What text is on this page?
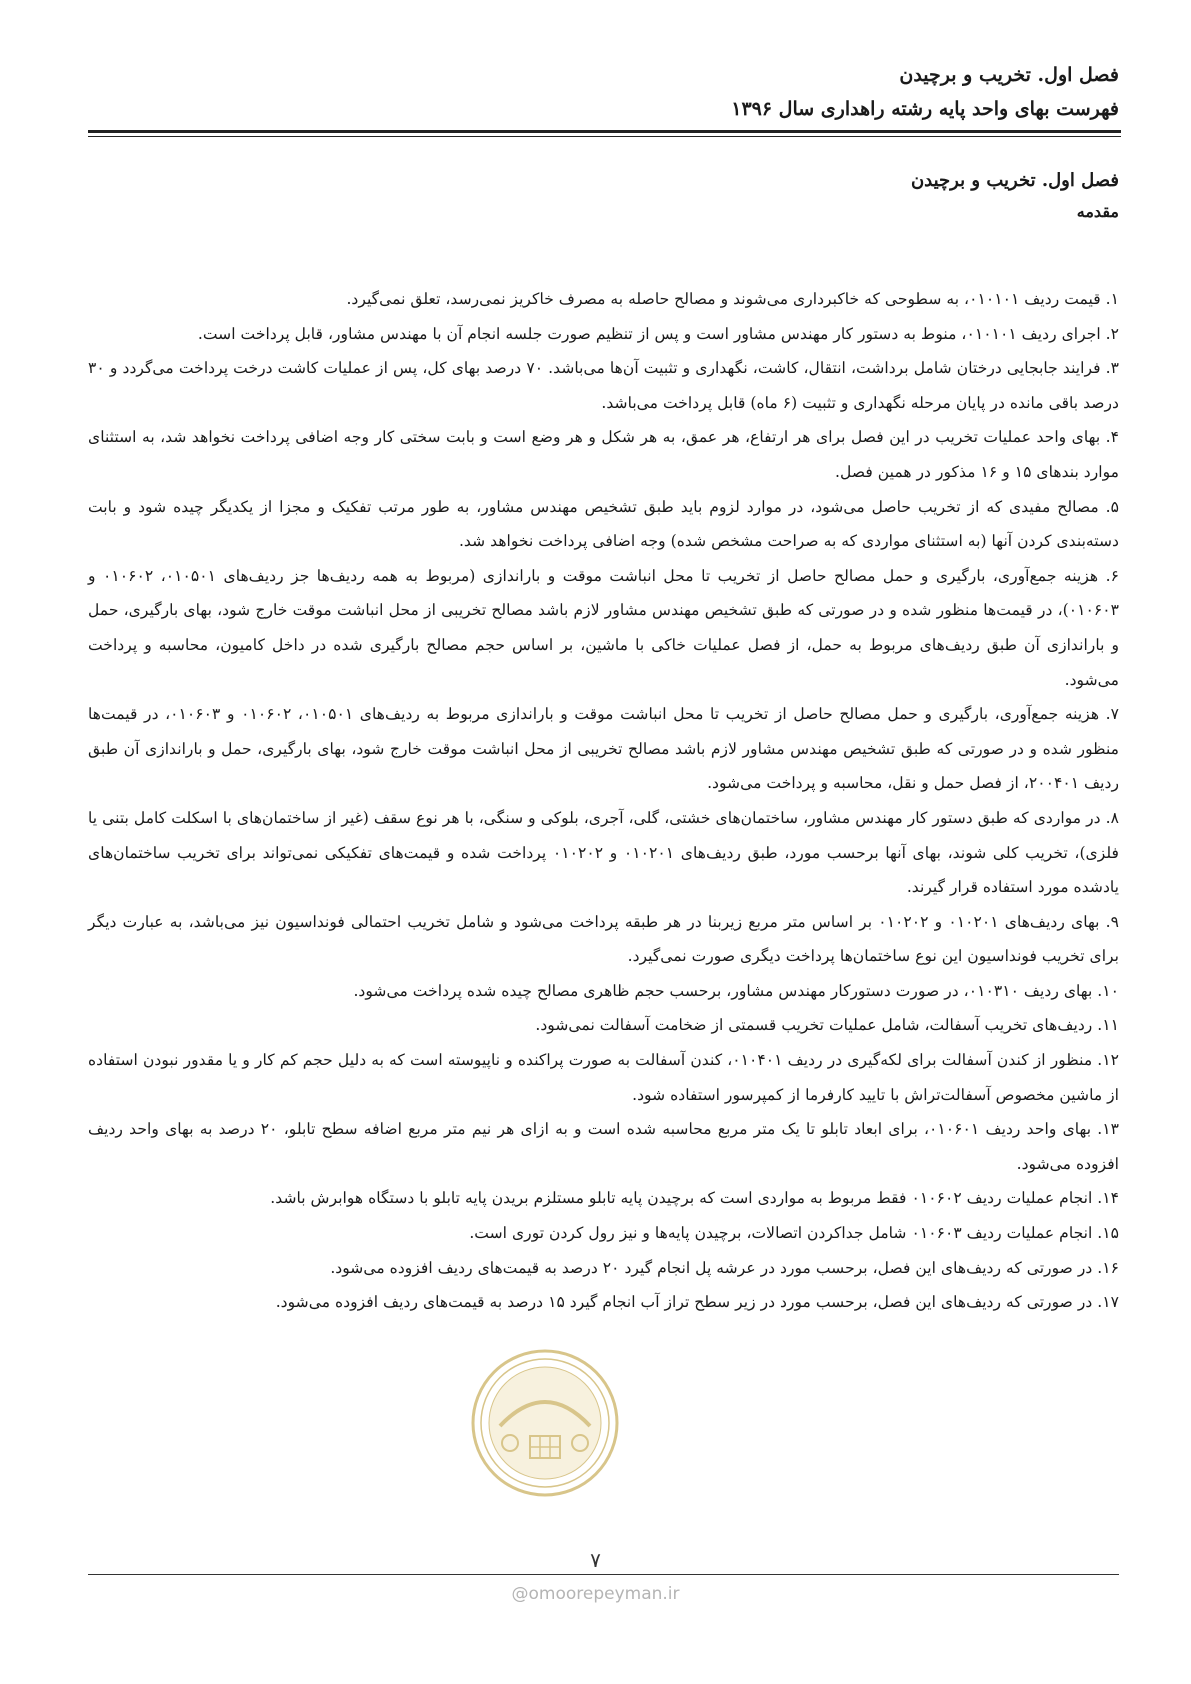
فصل اول. تخریب و برچیدن
فهرست بهای واحد پایه رشته راهداری سال ۱۳۹۶
فصل اول. تخریب و برچیدن
مقدمه

۱. قیمت ردیف ۰۱۰۱۰۱، به سطوحی که خاکبرداری می‌شوند و مصالح حاصله به مصرف خاکریز نمی‌رسد، تعلق نمی‌گیرد.

۲. اجرای ردیف ۰۱۰۱۰۱، منوط به دستور کار مهندس مشاور است و پس از تنظیم صورت جلسه انجام آن با مهندس مشاور، قابل پرداخت است.

۳. فرایند جابجایی درختان شامل برداشت، انتقال، کاشت، نگهداری و تثبیت آن‌ها می‌باشد. ۷۰ درصد بهای کل، پس از عملیات کاشت درخت پرداخت می‌گردد و ۳۰ درصد باقی مانده در پایان مرحله نگهداری و تثبیت (۶ ماه) قابل پرداخت می‌باشد.

۴. بهای واحد عملیات تخریب در این فصل برای هر ارتفاع، هر عمق، به هر شکل و هر وضع است و بابت سختی کار وجه اضافی پرداخت نخواهد شد، به استثنای موارد بندهای ۱۵ و ۱۶ مذکور در همین فصل.

۵. مصالح مفیدی که از تخریب حاصل می‌شود، در موارد لزوم باید طبق تشخیص مهندس مشاور، به طور مرتب تفکیک و مجزا از یکدیگر چیده شود و بابت دسته‌بندی کردن آنها (به استثنای مواردی که به صراحت مشخص شده) وجه اضافی پرداخت نخواهد شد.

۶. هزینه جمع‌آوری، بارگیری و حمل مصالح حاصل از تخریب تا محل انباشت موقت و باراندازی (مربوط به همه ردیف‌ها جز ردیف‌های ۰۱۰۵۰۱، ۰۱۰۶۰۲ و ۰۱۰۶۰۳)، در قیمت‌ها منظور شده و در صورتی که طبق تشخیص مهندس مشاور لازم باشد مصالح تخریبی از محل انباشت موقت خارج شود، بهای بارگیری، حمل و باراندازی آن طبق ردیف‌های مربوط به حمل، از فصل عملیات خاکی با ماشین، بر اساس حجم مصالح بارگیری شده در داخل کامیون، محاسبه و پرداخت می‌شود.

۷. هزینه جمع‌آوری، بارگیری و حمل مصالح حاصل از تخریب تا محل انباشت موقت و باراندازی مربوط به ردیف‌های ۰۱۰۵۰۱، ۰۱۰۶۰۲ و ۰۱۰۶۰۳، در قیمت‌ها منظور شده و در صورتی که طبق تشخیص مهندس مشاور لازم باشد مصالح تخریبی از محل انباشت موقت خارج شود، بهای بارگیری، حمل و باراندازی آن طبق ردیف ۲۰۰۴۰۱، از فصل حمل و نقل، محاسبه و پرداخت می‌شود.

۸. در مواردی که طبق دستور کار مهندس مشاور، ساختمان‌های خشتی، گلی، آجری، بلوکی و سنگی، با هر نوع سقف (غیر از ساختمان‌های با اسکلت کامل بتنی یا فلزی)، تخریب کلی شوند، بهای آنها برحسب مورد، طبق ردیف‌های ۰۱۰۲۰۱ و ۰۱۰۲۰۲ پرداخت شده و قیمت‌های تفکیکی نمی‌تواند برای تخریب ساختمان‌های یادشده مورد استفاده قرار گیرند.

۹. بهای ردیف‌های ۰۱۰۲۰۱ و ۰۱۰۲۰۲ بر اساس متر مربع زیربنا در هر طبقه پرداخت می‌شود و شامل تخریب احتمالی فونداسیون نیز می‌باشد، به عبارت دیگر برای تخریب فونداسیون این نوع ساختمان‌ها پرداخت دیگری صورت نمی‌گیرد.

۱۰. بهای ردیف ۰۱۰۳۱۰، در صورت دستورکار مهندس مشاور، برحسب حجم ظاهری مصالح چیده شده پرداخت می‌شود.

۱۱. ردیف‌های تخریب آسفالت، شامل عملیات تخریب قسمتی از ضخامت آسفالت نمی‌شود.

۱۲. منظور از کندن آسفالت برای لکه‌گیری در ردیف ۰۱۰۴۰۱، کندن آسفالت به صورت پراکنده و ناپیوسته است که به دلیل حجم کم کار و یا مقدور نبودن استفاده از ماشین مخصوص آسفالت‌تراش با تایید کارفرما از کمپرسور استفاده شود.

۱۳. بهای واحد ردیف ۰۱۰۶۰۱، برای ابعاد تابلو تا یک متر مربع محاسبه شده است و به ازای هر نیم متر مربع اضافه سطح تابلو، ۲۰ درصد به بهای واحد ردیف افزوده می‌شود.

۱۴. انجام عملیات ردیف ۰۱۰۶۰۲ فقط مربوط به مواردی است که برچیدن پایه تابلو مستلزم بریدن پایه تابلو با دستگاه هوابرش باشد.

۱۵. انجام عملیات ردیف ۰۱۰۶۰۳ شامل جداکردن اتصالات، برچیدن پایه‌ها و نیز رول کردن توری است.

۱۶. در صورتی که ردیف‌های این فصل، برحسب مورد در عرشه پل انجام گیرد ۲۰ درصد به قیمت‌های ردیف افزوده می‌شود.

۱۷. در صورتی که ردیف‌های این فصل، برحسب مورد در زیر سطح تراز آب انجام گیرد ۱۵ درصد به قیمت‌های ردیف افزوده می‌شود.

۷
@omoorepeyman.ir
